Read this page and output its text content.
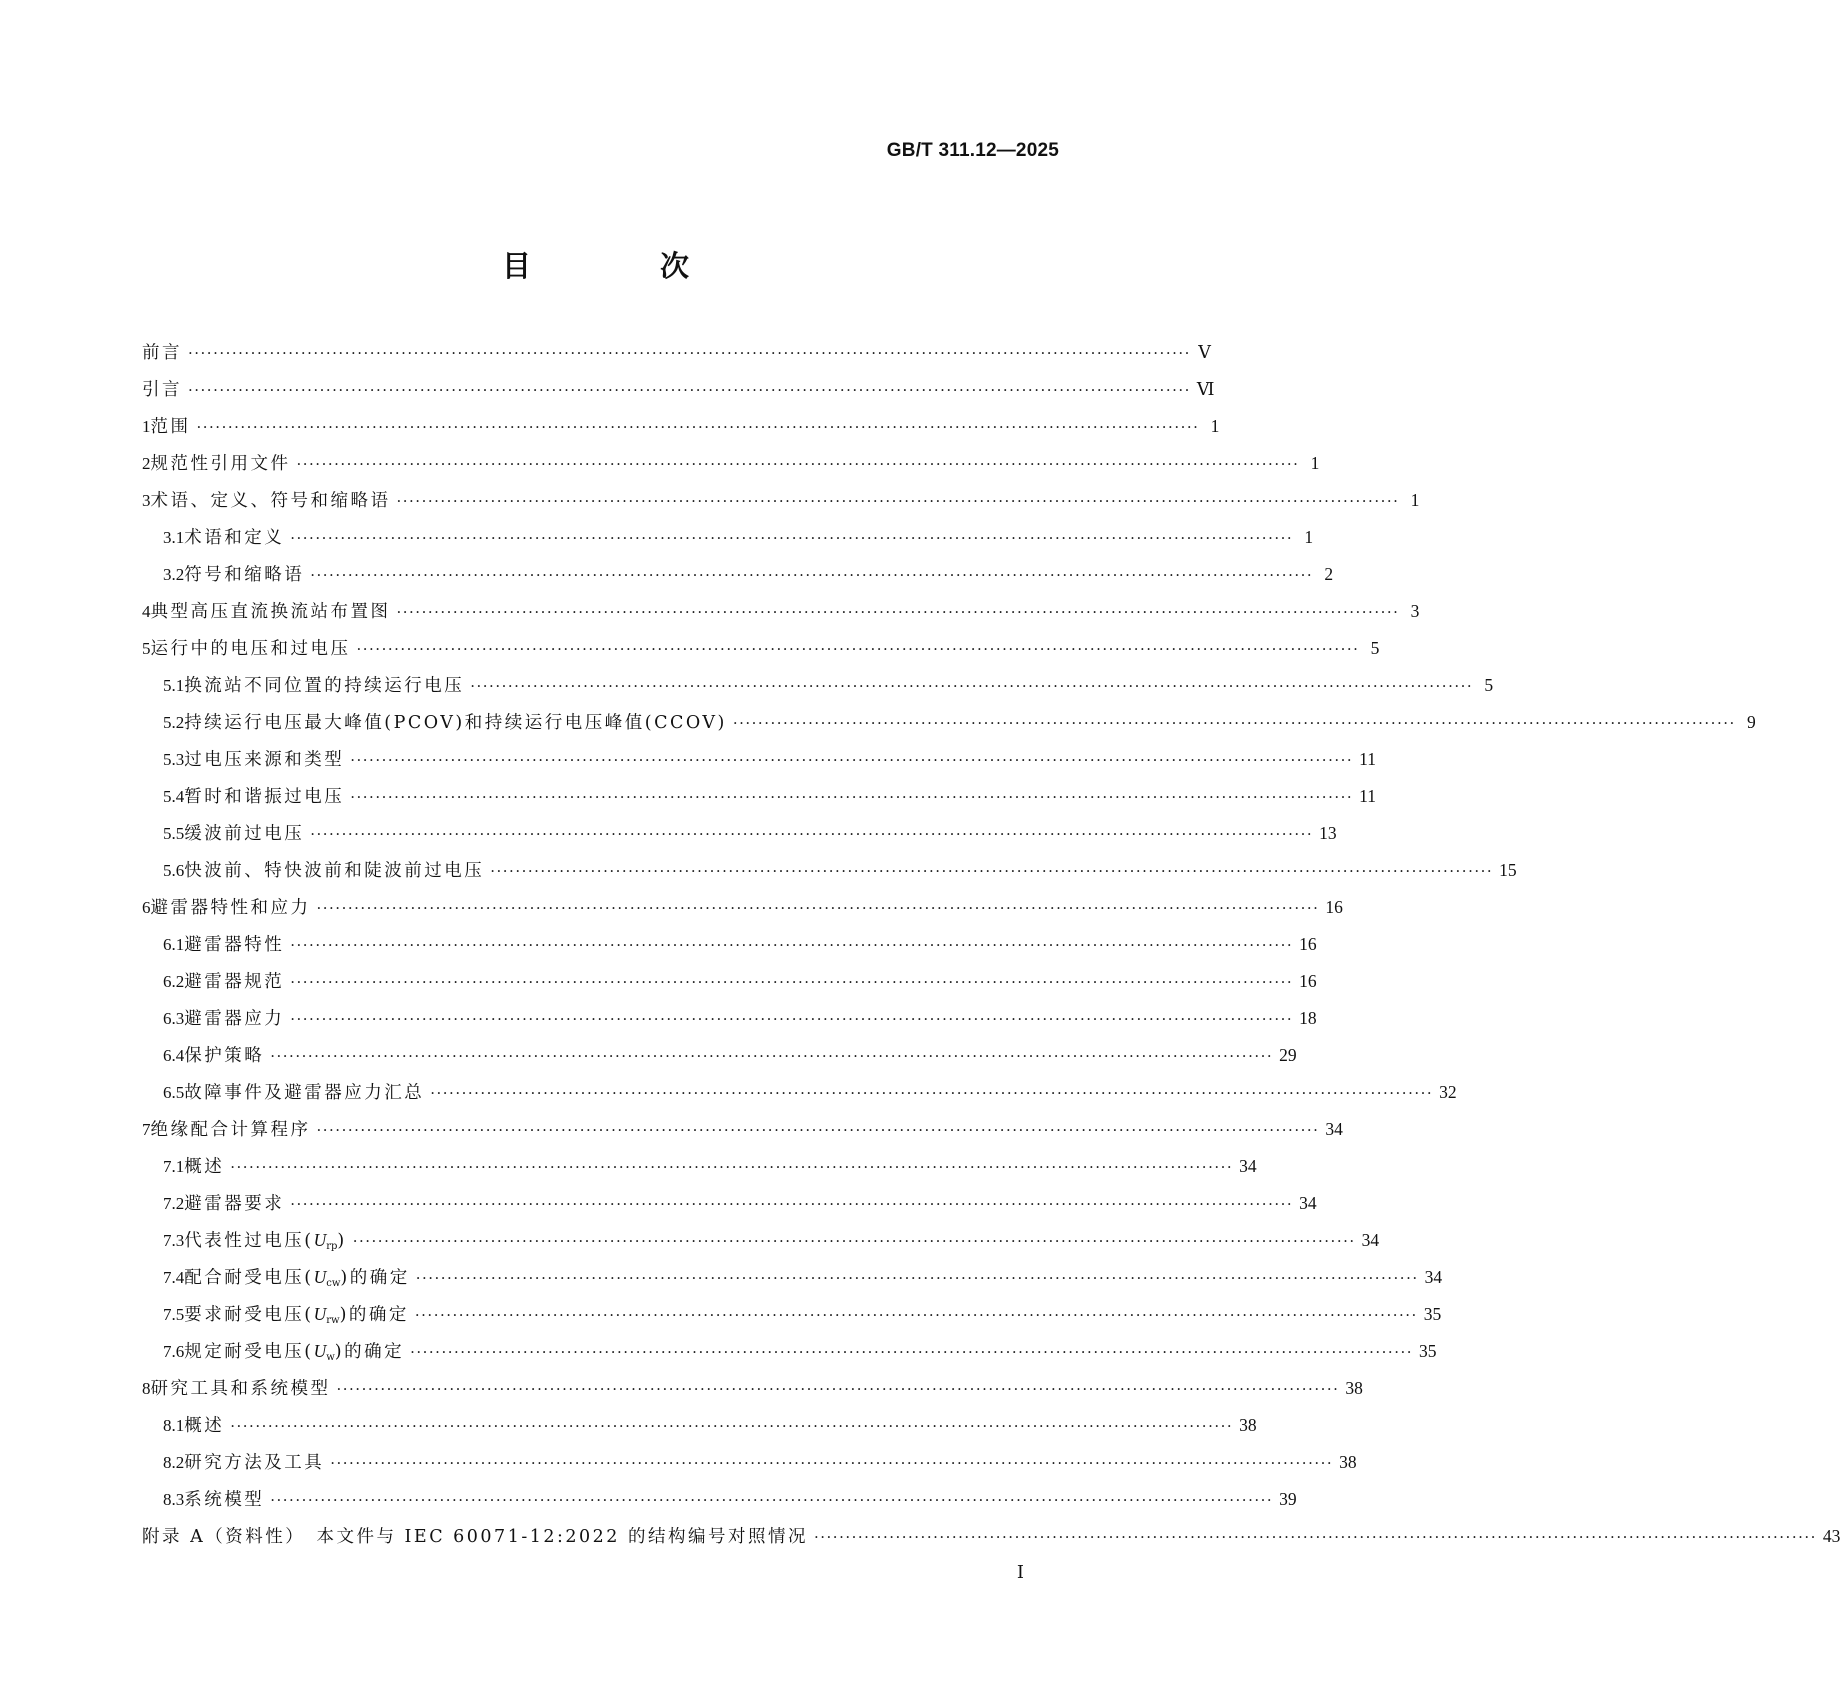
GB/T 311.12—2025
目　次
前言 ································································································································································ Ⅴ
引言 ································································································································································ Ⅵ
1 范围 ································································································································································ 1
2 规范性引用文件 ································································································································································ 1
3 术语、定义、符号和缩略语 ································································································································································ 1
3.1 术语和定义 ································································································································································ 1
3.2 符号和缩略语 ································································································································································ 2
4 典型高压直流换流站布置图 ································································································································································ 3
5 运行中的电压和过电压 ································································································································································ 5
5.1 换流站不同位置的持续运行电压 ································································································································································ 5
5.2 持续运行电压最大峰值(PCOV)和持续运行电压峰值(CCOV) ································································································································································ 9
5.3 过电压来源和类型 ································································································································································ 11
5.4 暂时和谐振过电压 ································································································································································ 11
5.5 缓波前过电压 ································································································································································ 13
5.6 快波前、特快波前和陡波前过电压 ································································································································································ 15
6 避雷器特性和应力 ································································································································································ 16
6.1 避雷器特性 ································································································································································ 16
6.2 避雷器规范 ································································································································································ 16
6.3 避雷器应力 ································································································································································ 18
6.4 保护策略 ································································································································································ 29
6.5 故障事件及避雷器应力汇总 ································································································································································ 32
7 绝缘配合计算程序 ································································································································································ 34
7.1 概述 ································································································································································ 34
7.2 避雷器要求 ································································································································································ 34
7.3 代表性过电压$(U_{rp})$ ································································································································································ 34
7.4 配合耐受电压$(U_{cw})$的确定 ································································································································································ 34
7.5 要求耐受电压$(U_{rw})$的确定 ································································································································································ 35
7.6 规定耐受电压$(U_w)$的确定 ································································································································································ 35
8 研究工具和系统模型 ································································································································································ 38
8.1 概述 ································································································································································ 38
8.2 研究方法及工具 ································································································································································ 38
8.3 系统模型 ································································································································································ 39
附录 A（资料性）　本文件与 IEC 60071-12:2022 的结构编号对照情况 ································································································································································ 43
Ⅰ
